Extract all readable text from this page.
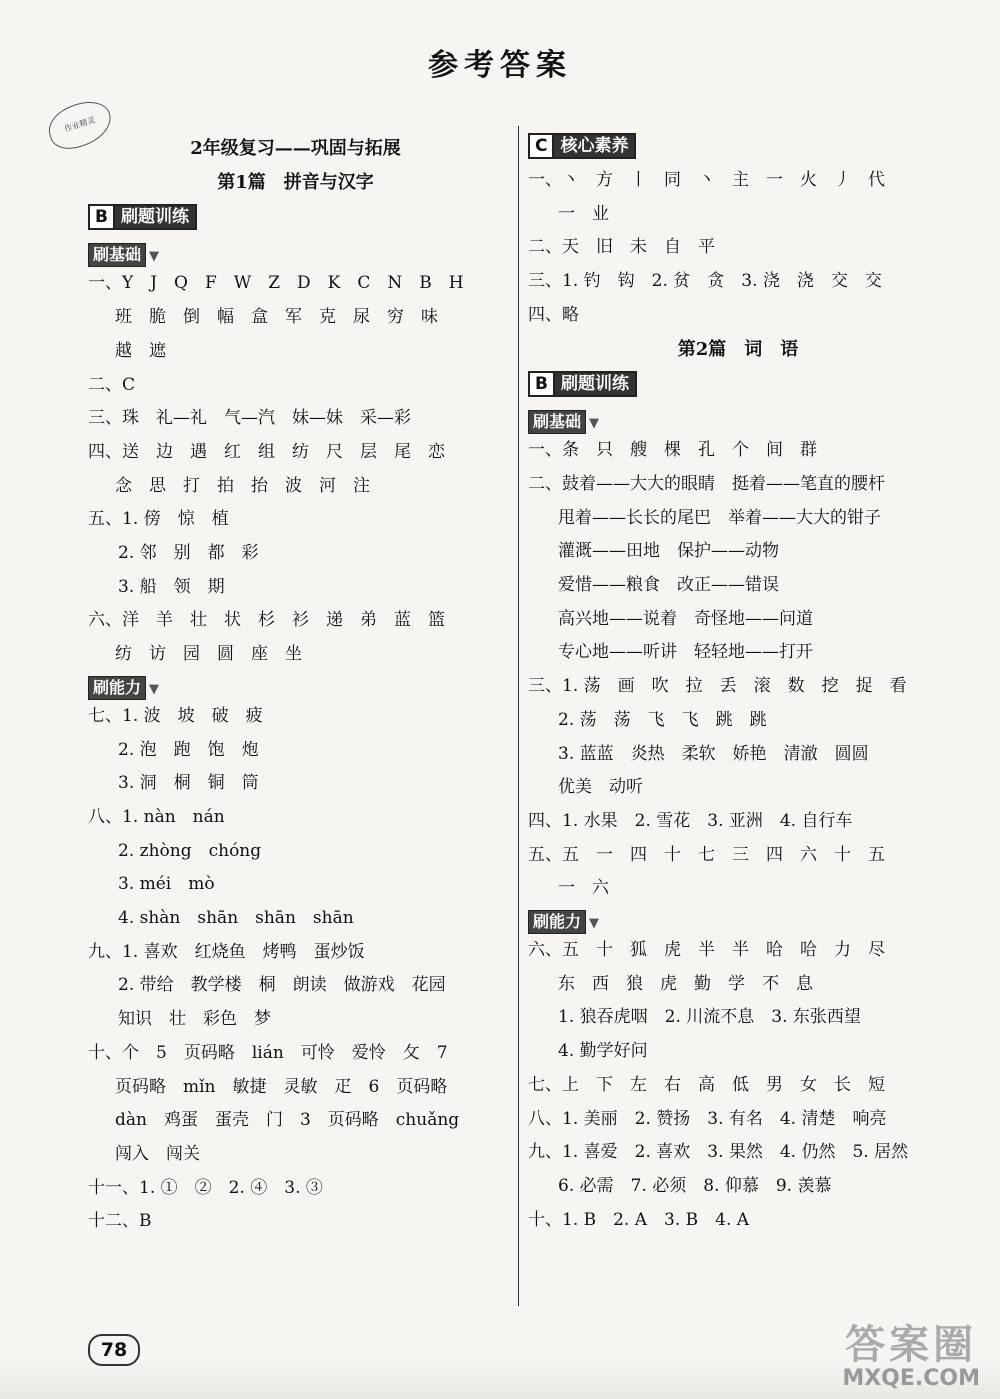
参考答案
作业精灵
2年级复习——巩固与拓展
第1篇　拼音与汉字
B 刷题训练
刷基础 ▼
一、Y　J　Q　F　W　Z　D　K　C　N　B　H
班　脆　倒　幅　盒　军　克　尿　穷　味
越　遮
二、C
三、珠　礼—礼　气—汽　妹—妹　采—彩
四、送　边　遇　红　组　纺　尺　层　尾　恋
念　思　打　拍　抬　波　河　注
五、1. 傍　惊　植
2. 邻　别　都　彩
3. 船　领　期
六、洋　羊　壮　状　杉　衫　递　弟　蓝　篮
纺　访　园　圆　座　坐
刷能力 ▼
七、1. 波　坡　破　疲
2. 泡　跑　饱　炮
3. 洞　桐　铜　筒
八、1. nàn　nán
2. zhòng　chóng
3. méi　mò
4. shàn　shān　shān　shān
九、1. 喜欢　红烧鱼　烤鸭　蛋炒饭
2. 带给　教学楼　桐　朗读　做游戏　花园
知识　壮　彩色　梦
十、个　5　页码略　lián　可怜　爱怜　攵　7
页码略　mǐn　敏捷　灵敏　疋　6　页码略
dàn　鸡蛋　蛋壳　门　3　页码略　chuǎng
闯入　闯关
十一、1. ①　②　2. ④　3. ③
十二、B
C 核心素养
一、丶　方　丨　同　丶　主　一　火　丿　代
一　业
二、天　旧　未　自　平
三、1. 钓　钩　2. 贫　贪　3. 浇　浇　交　交
四、略
第2篇　词　语
B 刷题训练
刷基础 ▼
一、条　只　艘　棵　孔　个　间　群
二、鼓着——大大的眼睛　挺着——笔直的腰杆
甩着——长长的尾巴　举着——大大的钳子
灌溉——田地　保护——动物
爱惜——粮食　改正——错误
高兴地——说着　奇怪地——问道
专心地——听讲　轻轻地——打开
三、1. 荡　画　吹　拉　丢　滚　数　挖　捉　看
2. 荡　荡　飞　飞　跳　跳
3. 蓝蓝　炎热　柔软　娇艳　清澈　圆圆
优美　动听
四、1. 水果　2. 雪花　3. 亚洲　4. 自行车
五、五　一　四　十　七　三　四　六　十　五
一　六
刷能力 ▼
六、五　十　狐　虎　半　半　哈　哈　力　尽
东　西　狼　虎　勤　学　不　息
1. 狼吞虎咽　2. 川流不息　3. 东张西望
4. 勤学好问
七、上　下　左　右　高　低　男　女　长　短
八、1. 美丽　2. 赞扬　3. 有名　4. 清楚　响亮
九、1. 喜爱　2. 喜欢　3. 果然　4. 仍然　5. 居然
6. 必需　7. 必须　8. 仰慕　9. 羡慕
十、1. B　2. A　3. B　4. A
78	答案圈
MXQE.COM
